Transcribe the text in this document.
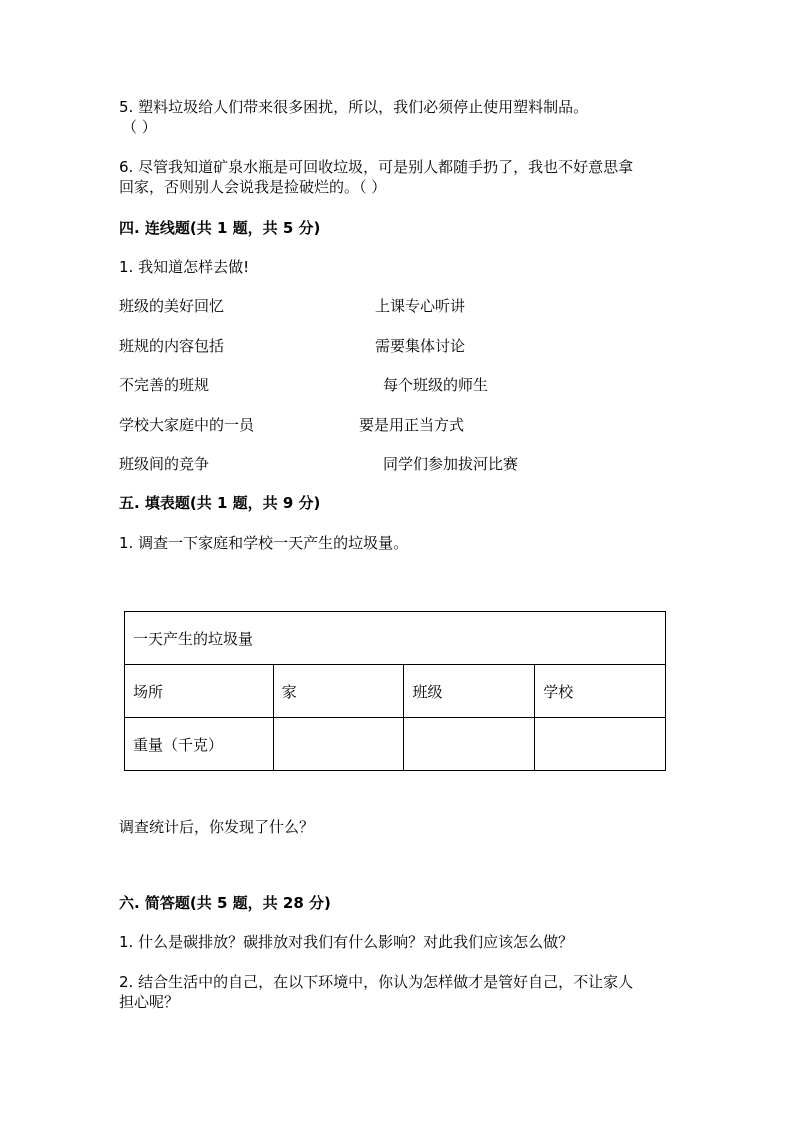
5. 塑料垃圾给人们带来很多困扰，所以，我们必须停止使用塑料制品。
（ ）
6. 尽管我知道矿泉水瓶是可回收垃圾，可是别人都随手扔了，我也不好意思拿
回家，否则别人会说我是捡破烂的。（ ）
四. 连线题(共 1 题，共 5 分)
1. 我知道怎样去做!
班级的美好回忆	上课专心听讲
班规的内容包括	需要集体讨论
不完善的班规	每个班级的师生
学校大家庭中的一员	要是用正当方式
班级间的竞争	同学们参加拔河比赛
五. 填表题(共 1 题，共 9 分)
1. 调查一下家庭和学校一天产生的垃圾量。
一天产生的垃圾量			
场所	家	班级	学校
重量（千克）			
调查统计后，你发现了什么？
六. 简答题(共 5 题，共 28 分)
1. 什么是碳排放？碳排放对我们有什么影响？对此我们应该怎么做？
2. 结合生活中的自己，在以下环境中，你认为怎样做才是管好自己，不让家人
担心呢？
